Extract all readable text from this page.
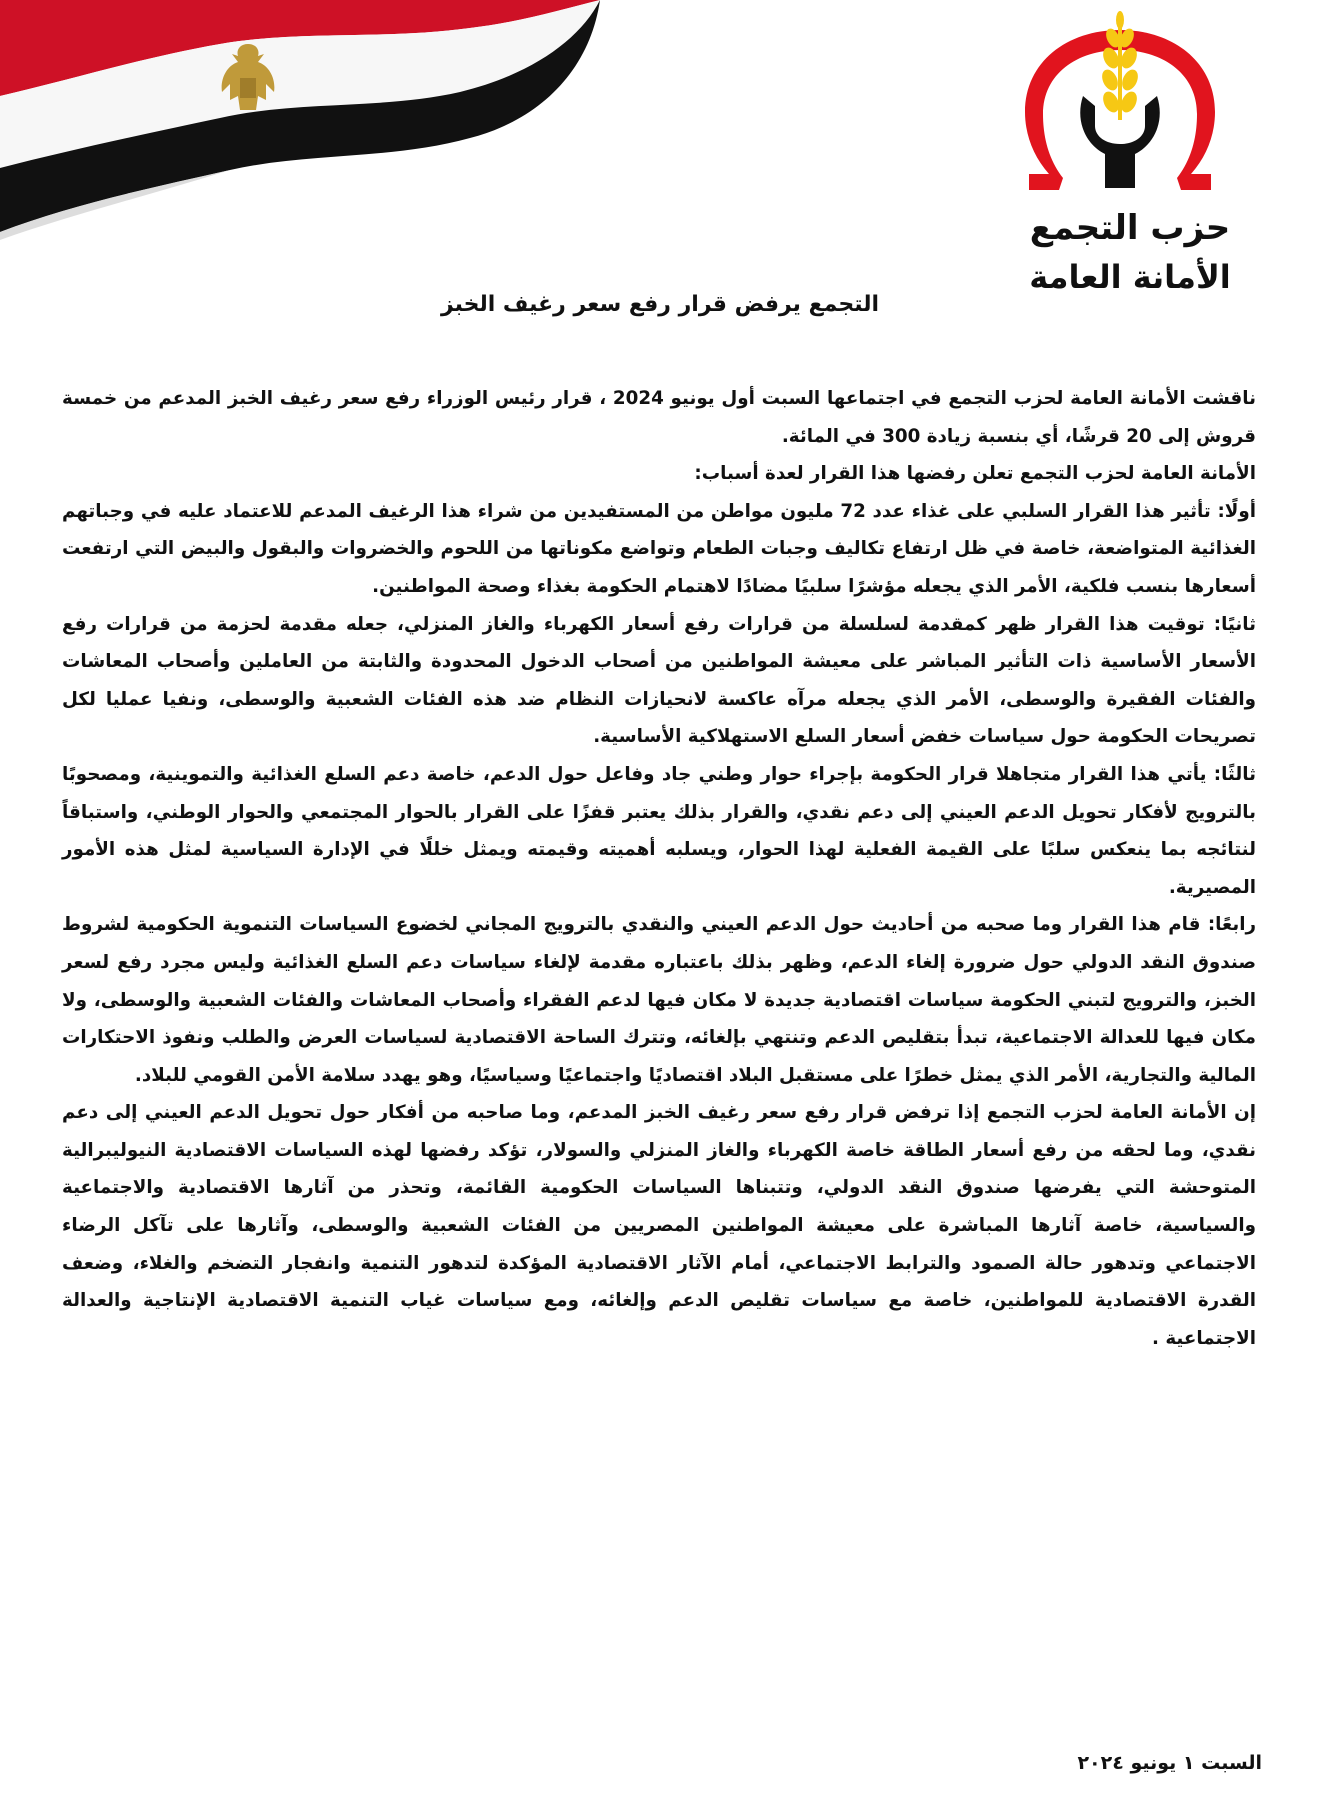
حزب التجمع
الأمانة العامة
التجمع يرفض قرار رفع سعر رغيف الخبز

ناقشت الأمانة العامة لحزب التجمع في اجتماعها السبت أول يونيو 2024 ، قرار رئيس الوزراء رفع سعر رغيف الخبز المدعم من خمسة قروش إلى 20 قرشًا، أي بنسبة زيادة 300 في المائة.

الأمانة العامة لحزب التجمع تعلن رفضها هذا القرار لعدة أسباب:

أولًا: تأثير هذا القرار السلبي على غذاء عدد 72 مليون مواطن من المستفيدين من شراء هذا الرغيف المدعم للاعتماد عليه في وجباتهم الغذائية المتواضعة، خاصة في ظل ارتفاع تكاليف وجبات الطعام وتواضع مكوناتها من اللحوم والخضروات والبقول والبيض التي ارتفعت أسعارها بنسب فلكية، الأمر الذي يجعله مؤشرًا سلبيًا مضادًا لاهتمام الحكومة بغذاء وصحة المواطنين.

ثانيًا: توقيت هذا القرار ظهر كمقدمة لسلسلة من قرارات رفع أسعار الكهرباء والغاز المنزلي، جعله مقدمة لحزمة من قرارات رفع الأسعار الأساسية ذات التأثير المباشر على معيشة المواطنين من أصحاب الدخول المحدودة والثابتة من العاملين وأصحاب المعاشات والفئات الفقيرة والوسطى، الأمر الذي يجعله مرآه عاكسة لانحيازات النظام ضد هذه الفئات الشعبية والوسطى، ونفيا عمليا لكل تصريحات الحكومة حول سياسات خفض أسعار السلع الاستهلاكية الأساسية.

ثالثًا: يأتي هذا القرار متجاهلا قرار الحكومة بإجراء حوار وطني جاد وفاعل حول الدعم، خاصة دعم السلع الغذائية والتموينية، ومصحوبًا بالترويج لأفكار تحويل الدعم العيني إلى دعم نقدي، والقرار بذلك يعتبر قفزًا على القرار بالحوار المجتمعي والحوار الوطني، واستباقاً لنتائجه بما ينعكس سلبًا على القيمة الفعلية لهذا الحوار، ويسلبه أهميته وقيمته ويمثل خللًا في الإدارة السياسية لمثل هذه الأمور المصيرية.

رابعًا: قام هذا القرار وما صحبه من أحاديث حول الدعم العيني والنقدي بالترويج المجاني لخضوع السياسات التنموية الحكومية لشروط صندوق النقد الدولي حول ضرورة إلغاء الدعم، وظهر بذلك باعتباره مقدمة لإلغاء سياسات دعم السلع الغذائية وليس مجرد رفع لسعر الخبز، والترويج لتبني الحكومة سياسات اقتصادية جديدة لا مكان فيها لدعم الفقراء وأصحاب المعاشات والفئات الشعبية والوسطى، ولا مكان فيها للعدالة الاجتماعية، تبدأ بتقليص الدعم وتنتهي بإلغائه، وتترك الساحة الاقتصادية لسياسات العرض والطلب ونفوذ الاحتكارات المالية والتجارية، الأمر الذي يمثل خطرًا على مستقبل البلاد اقتصاديًا واجتماعيًا وسياسيًا، وهو يهدد سلامة الأمن القومي للبلاد.

إن الأمانة العامة لحزب التجمع إذا ترفض قرار رفع سعر رغيف الخبز المدعم، وما صاحبه من أفكار حول تحويل الدعم العيني إلى دعم نقدي، وما لحقه من رفع أسعار الطاقة خاصة الكهرباء والغاز المنزلي والسولار، تؤكد رفضها لهذه السياسات الاقتصادية النيوليبرالية المتوحشة التي يفرضها صندوق النقد الدولي، وتتبناها السياسات الحكومية القائمة، وتحذر من آثارها الاقتصادية والاجتماعية والسياسية، خاصة آثارها المباشرة على معيشة المواطنين المصريين من الفئات الشعبية والوسطى، وآثارها على تآكل الرضاء الاجتماعي وتدهور حالة الصمود والترابط الاجتماعي، أمام الآثار الاقتصادية المؤكدة لتدهور التنمية وانفجار التضخم والغلاء، وضعف القدرة الاقتصادية للمواطنين، خاصة مع سياسات تقليص الدعم وإلغائه، ومع سياسات غياب التنمية الاقتصادية الإنتاجية والعدالة الاجتماعية .

السبت ١ يونيو ٢٠٢٤
